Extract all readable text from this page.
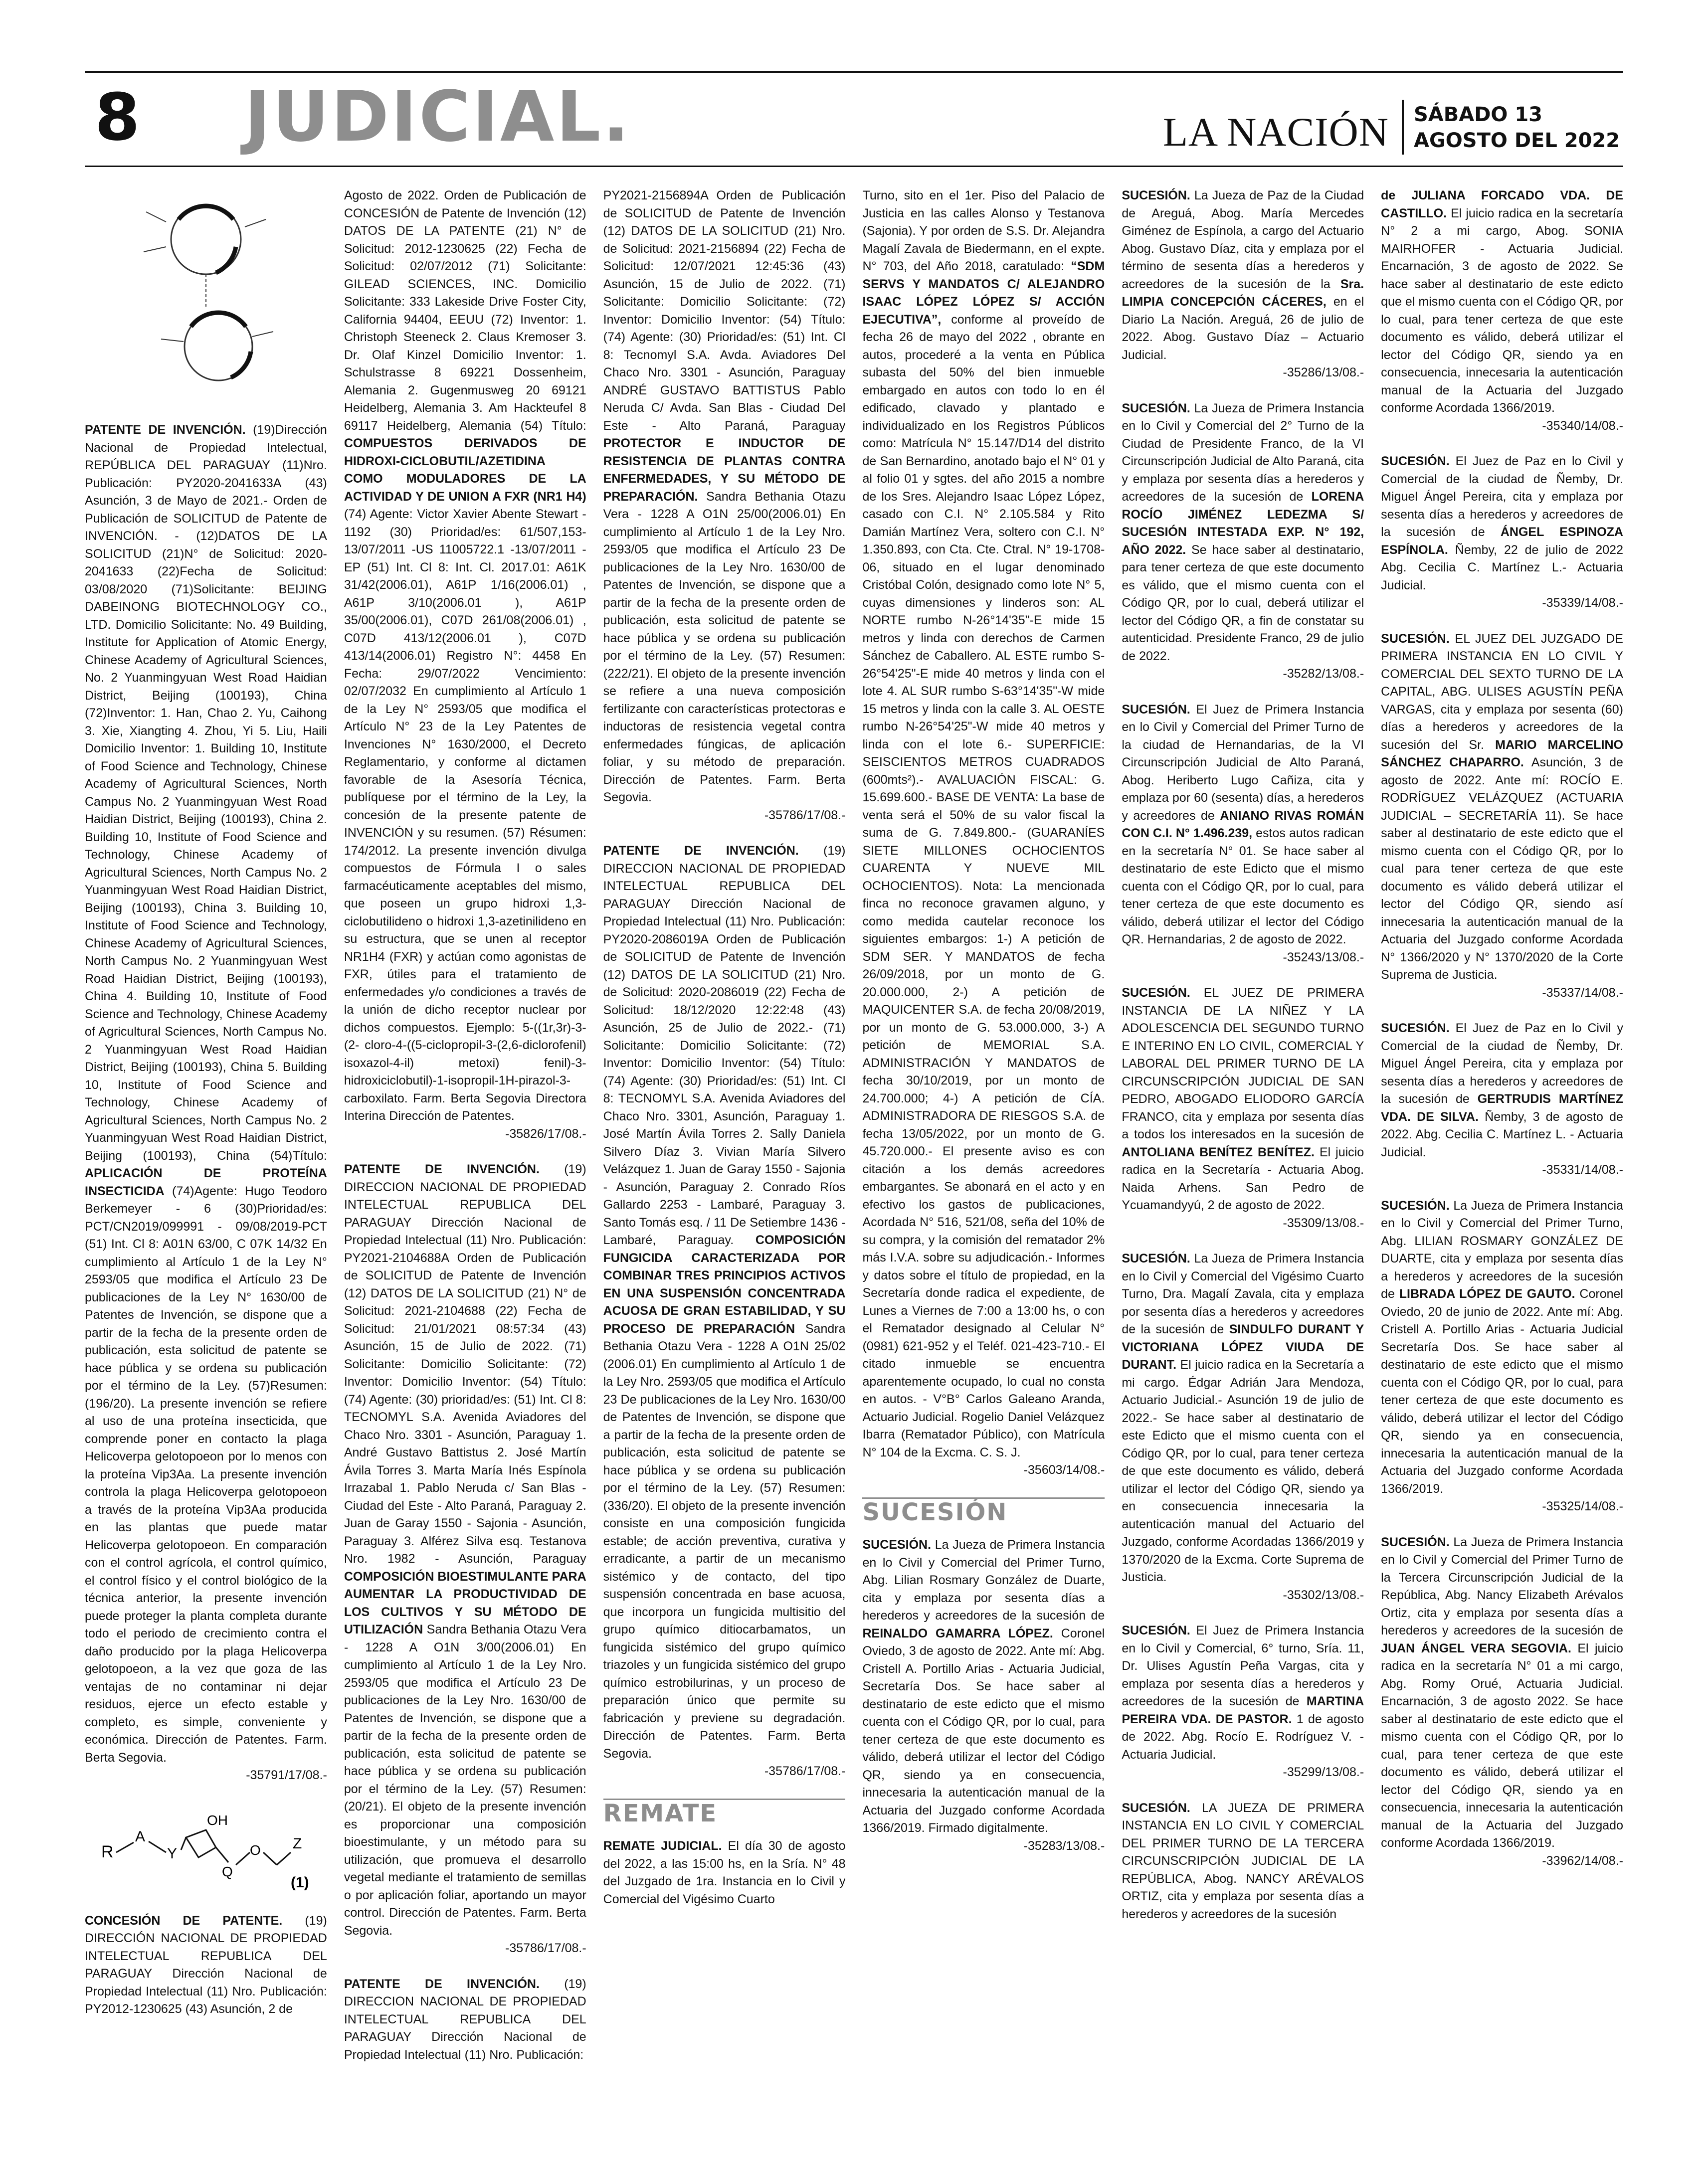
8 JUDICIAL.	LA NACIÓN SÁBADO 13
AGOSTO DEL 2022

PATENTE DE INVENCIÓN. (19)Dirección Nacional de Propiedad Intelectual, REPÚBLICA DEL PARAGUAY (11)Nro. Publicación: PY2020-2041633A (43) Asunción, 3 de Mayo de 2021.- Orden de Publicación de SOLICITUD de Patente de INVENCIÓN. - (12)DATOS DE LA SOLICITUD (21)N° de Solicitud: 2020-2041633 (22)Fecha de Solicitud: 03/08/2020 (71)Solicitante: BEIJING DABEINONG BIOTECHNOLOGY CO., LTD. Domicilio Solicitante: No. 49 Building, Institute for Application of Atomic Energy, Chinese Academy of Agricultural Sciences, No. 2 Yuanmingyuan West Road Haidian District, Beijing (100193), China (72)Inventor: 1. Han, Chao 2. Yu, Caihong 3. Xie, Xiangting 4. Zhou, Yi 5. Liu, Haili Domicilio Inventor: 1. Building 10, Institute of Food Science and Technology, Chinese Academy of Agricultural Sciences, North Campus No. 2 Yuanmingyuan West Road Haidian District, Beijing (100193), China 2. Building 10, Institute of Food Science and Technology, Chinese Academy of Agricultural Sciences, North Campus No. 2 Yuanmingyuan West Road Haidian District, Beijing (100193), China 3. Building 10, Institute of Food Science and Technology, Chinese Academy of Agricultural Sciences, North Campus No. 2 Yuanmingyuan West Road Haidian District, Beijing (100193), China 4. Building 10, Institute of Food Science and Technology, Chinese Academy of Agricultural Sciences, North Campus No. 2 Yuanmingyuan West Road Haidian District, Beijing (100193), China 5. Building 10, Institute of Food Science and Technology, Chinese Academy of Agricultural Sciences, North Campus No. 2 Yuanmingyuan West Road Haidian District, Beijing (100193), China (54)Título: APLICACIÓN DE PROTEÍNA INSECTICIDA (74)Agente: Hugo Teodoro Berkemeyer - 6 (30)Prioridad/es: PCT/CN2019/099991 - 09/08/2019-PCT (51) Int. Cl 8: A01N 63/00, C 07K 14/32 En cumplimiento al Artículo 1 de la Ley N° 2593/05 que modifica el Artículo 23 De publicaciones de la Ley N° 1630/00 de Patentes de Invención, se dispone que a partir de la fecha de la presente orden de publicación, esta solicitud de patente se hace pública y se ordena su publicación por el término de la Ley. (57)Resumen: (196/20). La presente invención se refiere al uso de una proteína insecticida, que comprende poner en contacto la plaga Helicoverpa gelotopoeon por lo menos con la proteína Vip3Aa. La presente invención controla la plaga Helicoverpa gelotopoeon a través de la proteína Vip3Aa producida en las plantas que puede matar Helicoverpa gelotopoeon. En comparación con el control agrícola, el control químico, el control físico y el control biológico de la técnica anterior, la presente invención puede proteger la planta completa durante todo el periodo de crecimiento contra el daño producido por la plaga Helicoverpa gelotopoeon, a la vez que goza de las ventajas de no contaminar ni dejar residuos, ejerce un efecto estable y completo, es simple, conveniente y económica. Dirección de Patentes. Farm. Berta Segovia.
-35791/17/08.-

R
A
Y
OH
Q
O Z
(1)

CONCESIÓN DE PATENTE. (19) DIRECCIÓN NACIONAL DE PROPIEDAD INTELECTUAL REPUBLICA DEL PARAGUAY Dirección Nacional de Propiedad Intelectual (11) Nro. Publicación: PY2012-1230625 (43) Asunción, 2 de

Agosto de 2022. Orden de Publicación de CONCESIÓN de Patente de Invención (12) DATOS DE LA PATENTE (21) N° de Solicitud: 2012-1230625 (22) Fecha de Solicitud: 02/07/2012 (71) Solicitante: GILEAD SCIENCES, INC. Domicilio Solicitante: 333 Lakeside Drive Foster City, California 94404, EEUU (72) Inventor: 1. Christoph Steeneck 2. Claus Kremoser 3. Dr. Olaf Kinzel Domicilio Inventor: 1. Schulstrasse 8 69221 Dossenheim, Alemania 2. Gugenmusweg 20 69121 Heidelberg, Alemania 3. Am Hackteufel 8 69117 Heidelberg, Alemania (54) Título: COMPUESTOS DERIVADOS DE HIDROXI-CICLOBUTIL/AZETIDINA COMO MODULADORES DE LA ACTIVIDAD Y DE UNION A FXR (NR1 H4) (74) Agente: Victor Xavier Abente Stewart - 1192 (30) Prioridad/es: 61/507,153-13/07/2011 -US 11005722.1 -13/07/2011 - EP (51) Int. Cl 8: Int. Cl. 2017.01: A61K 31/42(2006.01), A61P 1/16(2006.01) , A61P 3/10(2006.01 ), A61P 35/00(2006.01), C07D 261/08(2006.01) , C07D 413/12(2006.01 ), C07D 413/14(2006.01) Registro N°: 4458 En Fecha: 29/07/2022 Vencimiento: 02/07/2032 En cumplimiento al Artículo 1 de la Ley N° 2593/05 que modifica el Artículo N° 23 de la Ley Patentes de Invenciones N° 1630/2000, el Decreto Reglamentario, y conforme al dictamen favorable de la Asesoría Técnica, publíquese por el término de la Ley, la concesión de la presente patente de INVENCIÓN y su resumen. (57) Résumen: 174/2012. La presente invención divulga compuestos de Fórmula I o sales farmacéuticamente aceptables del mismo, que poseen un grupo hidroxi 1,3-ciclobutilideno o hidroxi 1,3-azetinilideno en su estructura, que se unen al receptor NR1H4 (FXR) y actúan como agonistas de FXR, útiles para el tratamiento de enfermedades y/o condiciones a través de la unión de dicho receptor nuclear por dichos compuestos. Ejemplo: 5-((1r,3r)-3-(2- cloro-4-((5-ciclopropil-3-(2,6-diclorofenil) isoxazol-4-il) metoxi) fenil)-3- hidroxiciclobutil)-1-isopropil-1H-pirazol-3-carboxilato. Farm. Berta Segovia Directora Interina Dirección de Patentes.
-35826/17/08.-

PATENTE DE INVENCIÓN. (19) DIRECCION NACIONAL DE PROPIEDAD INTELECTUAL REPUBLICA DEL PARAGUAY Dirección Nacional de Propiedad Intelectual (11) Nro. Publicación: PY2021-2104688A Orden de Publicación de SOLICITUD de Patente de Invención (12) DATOS DE LA SOLICITUD (21) N° de Solicitud: 2021-2104688 (22) Fecha de Solicitud: 21/01/2021 08:57:34 (43) Asunción, 15 de Julio de 2022. (71) Solicitante: Domicilio Solicitante: (72) Inventor: Domicilio Inventor: (54) Título: (74) Agente: (30) prioridad/es: (51) Int. Cl 8: TECNOMYL S.A. Avenida Aviadores del Chaco Nro. 3301 - Asunción, Paraguay 1. André Gustavo Battistus 2. José Martín Ávila Torres 3. Marta María Inés Espínola Irrazabal 1. Pablo Neruda c/ San Blas - Ciudad del Este - Alto Paraná, Paraguay 2. Juan de Garay 1550 - Sajonia - Asunción, Paraguay 3. Alférez Silva esq. Testanova Nro. 1982 - Asunción, Paraguay COMPOSICIÓN BIOESTIMULANTE PARA AUMENTAR LA PRODUCTIVIDAD DE LOS CULTIVOS Y SU MÉTODO DE UTILIZACIÓN Sandra Bethania Otazu Vera - 1228 A O1N 3/00(2006.01) En cumplimiento al Artículo 1 de la Ley Nro. 2593/05 que modifica el Artículo 23 De publicaciones de la Ley Nro. 1630/00 de Patentes de Invención, se dispone que a partir de la fecha de la presente orden de publicación, esta solicitud de patente se hace pública y se ordena su publicación por el término de la Ley. (57) Resumen: (20/21). El objeto de la presente invención es proporcionar una composición bioestimulante, y un método para su utilización, que promueva el desarrollo vegetal mediante el tratamiento de semillas o por aplicación foliar, aportando un mayor control. Dirección de Patentes. Farm. Berta Segovia.
-35786/17/08.-

PATENTE DE INVENCIÓN. (19) DIRECCION NACIONAL DE PROPIEDAD INTELECTUAL REPUBLICA DEL PARAGUAY Dirección Nacional de Propiedad Intelectual (11) Nro. Publicación:

PY2021-2156894A Orden de Publicación de SOLICITUD de Patente de Invención (12) DATOS DE LA SOLICITUD (21) Nro. de Solicitud: 2021-2156894 (22) Fecha de Solicitud: 12/07/2021 12:45:36 (43) Asunción, 15 de Julio de 2022. (71) Solicitante: Domicilio Solicitante: (72) Inventor: Domicilio Inventor: (54) Título: (74) Agente: (30) Prioridad/es: (51) Int. Cl 8: Tecnomyl S.A. Avda. Aviadores Del Chaco Nro. 3301 - Asunción, Paraguay ANDRÉ GUSTAVO BATTISTUS Pablo Neruda C/ Avda. San Blas - Ciudad Del Este - Alto Paraná, Paraguay PROTECTOR E INDUCTOR DE RESISTENCIA DE PLANTAS CONTRA ENFERMEDADES, Y SU MÉTODO DE PREPARACIÓN. Sandra Bethania Otazu Vera - 1228 A O1N 25/00(2006.01) En cumplimiento al Artículo 1 de la Ley Nro. 2593/05 que modifica el Artículo 23 De publicaciones de la Ley Nro. 1630/00 de Patentes de Invención, se dispone que a partir de la fecha de la presente orden de publicación, esta solicitud de patente se hace pública y se ordena su publicación por el término de la Ley. (57) Resumen: (222/21). El objeto de la presente invención se refiere a una nueva composición fertilizante con características protectoras e inductoras de resistencia vegetal contra enfermedades fúngicas, de aplicación foliar, y su método de preparación. Dirección de Patentes. Farm. Berta Segovia.
-35786/17/08.-

PATENTE DE INVENCIÓN. (19) DIRECCION NACIONAL DE PROPIEDAD INTELECTUAL REPUBLICA DEL PARAGUAY Dirección Nacional de Propiedad Intelectual (11) Nro. Publicación: PY2020-2086019A Orden de Publicación de SOLICITUD de Patente de Invención (12) DATOS DE LA SOLICITUD (21) Nro. de Solicitud: 2020-2086019 (22) Fecha de Solicitud: 18/12/2020 12:22:48 (43) Asunción, 25 de Julio de 2022.- (71) Solicitante: Domicilio Solicitante: (72) Inventor: Domicilio Inventor: (54) Título: (74) Agente: (30) Prioridad/es: (51) Int. Cl 8: TECNOMYL S.A. Avenida Aviadores del Chaco Nro. 3301, Asunción, Paraguay 1. José Martín Ávila Torres 2. Sally Daniela Silvero Díaz 3. Vivian María Silvero Velázquez 1. Juan de Garay 1550 - Sajonia - Asunción, Paraguay 2. Conrado Ríos Gallardo 2253 - Lambaré, Paraguay 3. Santo Tomás esq. / 11 De Setiembre 1436 - Lambaré, Paraguay. COMPOSICIÓN FUNGICIDA CARACTERIZADA POR COMBINAR TRES PRINCIPIOS ACTIVOS EN UNA SUSPENSIÓN CONCENTRADA ACUOSA DE GRAN ESTABILIDAD, Y SU PROCESO DE PREPARACIÓN Sandra Bethania Otazu Vera - 1228 A O1N 25/02 (2006.01) En cumplimiento al Artículo 1 de la Ley Nro. 2593/05 que modifica el Artículo 23 De publicaciones de la Ley Nro. 1630/00 de Patentes de Invención, se dispone que a partir de la fecha de la presente orden de publicación, esta solicitud de patente se hace pública y se ordena su publicación por el término de la Ley. (57) Resumen: (336/20). El objeto de la presente invención consiste en una composición fungicida estable; de acción preventiva, curativa y erradicante, a partir de un mecanismo sistémico y de contacto, del tipo suspensión concentrada en base acuosa, que incorpora un fungicida multisitio del grupo químico ditiocarbamatos, un fungicida sistémico del grupo químico triazoles y un fungicida sistémico del grupo químico estrobilurinas, y un proceso de preparación único que permite su fabricación y previene su degradación. Dirección de Patentes. Farm. Berta Segovia.
-35786/17/08.-

REMATE

REMATE JUDICIAL. El día 30 de agosto del 2022, a las 15:00 hs, en la Sría. N° 48 del Juzgado de 1ra. Instancia en lo Civil y Comercial del Vigésimo Cuarto

Turno, sito en el 1er. Piso del Palacio de Justicia en las calles Alonso y Testanova (Sajonia). Y por orden de S.S. Dr. Alejandra Magalí Zavala de Biedermann, en el expte. N° 703, del Año 2018, caratulado: “SDM SERVS Y MANDATOS C/ ALEJANDRO ISAAC LÓPEZ LÓPEZ S/ ACCIÓN EJECUTIVA”, conforme al proveído de fecha 26 de mayo del 2022 , obrante en autos, procederé a la venta en Pública subasta del 50% del bien inmueble embargado en autos con todo lo en él edificado, clavado y plantado e individualizado en los Registros Públicos como: Matrícula N° 15.147/D14 del distrito de San Bernardino, anotado bajo el N° 01 y al folio 01 y sgtes. del año 2015 a nombre de los Sres. Alejandro Isaac López López, casado con C.I. N° 2.105.584 y Rito Damián Martínez Vera, soltero con C.I. N° 1.350.893, con Cta. Cte. Ctral. N° 19-1708-06, situado en el lugar denominado Cristóbal Colón, designado como lote N° 5, cuyas dimensiones y linderos son: AL NORTE rumbo N-26°14'35"-E mide 15 metros y linda con derechos de Carmen Sánchez de Caballero. AL ESTE rumbo S-26°54'25"-E mide 40 metros y linda con el lote 4. AL SUR rumbo S-63°14'35"-W mide 15 metros y linda con la calle 3. AL OESTE rumbo N-26°54'25"-W mide 40 metros y linda con el lote 6.- SUPERFICIE: SEISCIENTOS METROS CUADRADOS (600mts²).- AVALUACIÓN FISCAL: G. 15.699.600.- BASE DE VENTA: La base de venta será el 50% de su valor fiscal la suma de G. 7.849.800.- (GUARANÍES SIETE MILLONES OCHOCIENTOS CUARENTA Y NUEVE MIL OCHOCIENTOS). Nota: La mencionada finca no reconoce gravamen alguno, y como medida cautelar reconoce los siguientes embargos: 1-) A petición de SDM SER. Y MANDATOS de fecha 26/09/2018, por un monto de G. 20.000.000, 2-) A petición de MAQUICENTER S.A. de fecha 20/08/2019, por un monto de G. 53.000.000, 3-) A petición de MEMORIAL S.A. ADMINISTRACIÓN Y MANDATOS de fecha 30/10/2019, por un monto de 24.700.000; 4-) A petición de CÍA. ADMINISTRADORA DE RIESGOS S.A. de fecha 13/05/2022, por un monto de G. 45.720.000.- El presente aviso es con citación a los demás acreedores embargantes. Se abonará en el acto y en efectivo los gastos de publicaciones, Acordada N° 516, 521/08, seña del 10% de su compra, y la comisión del rematador 2% más I.V.A. sobre su adjudicación.- Informes y datos sobre el título de propiedad, en la Secretaría donde radica el expediente, de Lunes a Viernes de 7:00 a 13:00 hs, o con el Rematador designado al Celular N° (0981) 621-952 y el Teléf. 021-423-710.- El citado inmueble se encuentra aparentemente ocupado, lo cual no consta en autos. - V°B° Carlos Galeano Aranda, Actuario Judicial. Rogelio Daniel Velázquez Ibarra (Rematador Público), con Matrícula N° 104 de la Excma. C. S. J.
-35603/14/08.-

SUCESIÓN

SUCESIÓN. La Jueza de Primera Instancia en lo Civil y Comercial del Primer Turno, Abg. Lilian Rosmary González de Duarte, cita y emplaza por sesenta días a herederos y acreedores de la sucesión de REINALDO GAMARRA LÓPEZ. Coronel Oviedo, 3 de agosto de 2022. Ante mí: Abg. Cristell A. Portillo Arias - Actuaria Judicial, Secretaría Dos. Se hace saber al destinatario de este edicto que el mismo cuenta con el Código QR, por lo cual, para tener certeza de que este documento es válido, deberá utilizar el lector del Código QR, siendo ya en consecuencia, innecesaria la autenticación manual de la Actuaria del Juzgado conforme Acordada 1366/2019. Firmado digitalmente.
-35283/13/08.-

SUCESIÓN. La Jueza de Paz de la Ciudad de Areguá, Abog. María Mercedes Giménez de Espínola, a cargo del Actuario Abog. Gustavo Díaz, cita y emplaza por el término de sesenta días a herederos y acreedores de la sucesión de la Sra. LIMPIA CONCEPCIÓN CÁCERES, en el Diario La Nación. Areguá, 26 de julio de 2022. Abog. Gustavo Díaz – Actuario Judicial.
-35286/13/08.-

SUCESIÓN. La Jueza de Primera Instancia en lo Civil y Comercial del 2° Turno de la Ciudad de Presidente Franco, de la VI Circunscripción Judicial de Alto Paraná, cita y emplaza por sesenta días a herederos y acreedores de la sucesión de LORENA ROCÍO JIMÉNEZ LEDEZMA S/ SUCESIÓN INTESTADA EXP. N° 192, AÑO 2022. Se hace saber al destinatario, para tener certeza de que este documento es válido, que el mismo cuenta con el Código QR, por lo cual, deberá utilizar el lector del Código QR, a fin de constatar su autenticidad. Presidente Franco, 29 de julio de 2022.
-35282/13/08.-

SUCESIÓN. El Juez de Primera Instancia en lo Civil y Comercial del Primer Turno de la ciudad de Hernandarias, de la VI Circunscripción Judicial de Alto Paraná, Abog. Heriberto Lugo Cañiza, cita y emplaza por 60 (sesenta) días, a herederos y acreedores de ANIANO RIVAS ROMÁN CON C.I. N° 1.496.239, estos autos radican en la secretaría N° 01. Se hace saber al destinatario de este Edicto que el mismo cuenta con el Código QR, por lo cual, para tener certeza de que este documento es válido, deberá utilizar el lector del Código QR. Hernandarias, 2 de agosto de 2022.
-35243/13/08.-

SUCESIÓN. EL JUEZ DE PRIMERA INSTANCIA DE LA NIÑEZ Y LA ADOLESCENCIA DEL SEGUNDO TURNO E INTERINO EN LO CIVIL, COMERCIAL Y LABORAL DEL PRIMER TURNO DE LA CIRCUNSCRIPCIÓN JUDICIAL DE SAN PEDRO, ABOGADO ELIODORO GARCÍA FRANCO, cita y emplaza por sesenta días a todos los interesados en la sucesión de ANTOLIANA BENÍTEZ BENÍTEZ. El juicio radica en la Secretaría - Actuaria Abog. Naida Arhens. San Pedro de Ycuamandyyú, 2 de agosto de 2022.
-35309/13/08.-

SUCESIÓN. La Jueza de Primera Instancia en lo Civil y Comercial del Vigésimo Cuarto Turno, Dra. Magalí Zavala, cita y emplaza por sesenta días a herederos y acreedores de la sucesión de SINDULFO DURANT Y VICTORIANA LÓPEZ VIUDA DE DURANT. El juicio radica en la Secretaría a mi cargo. Édgar Adrián Jara Mendoza, Actuario Judicial.- Asunción 19 de julio de 2022.- Se hace saber al destinatario de este Edicto que el mismo cuenta con el Código QR, por lo cual, para tener certeza de que este documento es válido, deberá utilizar el lector del Código QR, siendo ya en consecuencia innecesaria la autenticación manual del Actuario del Juzgado, conforme Acordadas 1366/2019 y 1370/2020 de la Excma. Corte Suprema de Justicia.
-35302/13/08.-

SUCESIÓN. El Juez de Primera Instancia en lo Civil y Comercial, 6° turno, Sría. 11, Dr. Ulises Agustín Peña Vargas, cita y emplaza por sesenta días a herederos y acreedores de la sucesión de MARTINA PEREIRA VDA. DE PASTOR. 1 de agosto de 2022. Abg. Rocío E. Rodríguez V. - Actuaria Judicial.
-35299/13/08.-

SUCESIÓN. LA JUEZA DE PRIMERA INSTANCIA EN LO CIVIL Y COMERCIAL DEL PRIMER TURNO DE LA TERCERA CIRCUNSCRIPCIÓN JUDICIAL DE LA REPÚBLICA, Abog. NANCY ARÉVALOS ORTIZ, cita y emplaza por sesenta días a herederos y acreedores de la sucesión

de JULIANA FORCADO VDA. DE CASTILLO. El juicio radica en la secretaría N° 2 a mi cargo, Abog. SONIA MAIRHOFER - Actuaria Judicial. Encarnación, 3 de agosto de 2022. Se hace saber al destinatario de este edicto que el mismo cuenta con el Código QR, por lo cual, para tener certeza de que este documento es válido, deberá utilizar el lector del Código QR, siendo ya en consecuencia, innecesaria la autenticación manual de la Actuaria del Juzgado conforme Acordada 1366/2019.
-35340/14/08.-

SUCESIÓN. El Juez de Paz en lo Civil y Comercial de la ciudad de Ñemby, Dr. Miguel Ángel Pereira, cita y emplaza por sesenta días a herederos y acreedores de la sucesión de ÁNGEL ESPINOZA ESPÍNOLA. Ñemby, 22 de julio de 2022 Abg. Cecilia C. Martínez L.- Actuaria Judicial.
-35339/14/08.-

SUCESIÓN. EL JUEZ DEL JUZGADO DE PRIMERA INSTANCIA EN LO CIVIL Y COMERCIAL DEL SEXTO TURNO DE LA CAPITAL, ABG. ULISES AGUSTÍN PEÑA VARGAS, cita y emplaza por sesenta (60) días a herederos y acreedores de la sucesión del Sr. MARIO MARCELINO SÁNCHEZ CHAPARRO. Asunción, 3 de agosto de 2022. Ante mí: ROCÍO E. RODRÍGUEZ VELÁZQUEZ (ACTUARIA JUDICIAL – SECRETARÍA 11). Se hace saber al destinatario de este edicto que el mismo cuenta con el Código QR, por lo cual para tener certeza de que este documento es válido deberá utilizar el lector del Código QR, siendo así innecesaria la autenticación manual de la Actuaria del Juzgado conforme Acordada N° 1366/2020 y N° 1370/2020 de la Corte Suprema de Justicia.
-35337/14/08.-

SUCESIÓN. El Juez de Paz en lo Civil y Comercial de la ciudad de Ñemby, Dr. Miguel Ángel Pereira, cita y emplaza por sesenta días a herederos y acreedores de la sucesión de GERTRUDIS MARTÍNEZ VDA. DE SILVA. Ñemby, 3 de agosto de 2022. Abg. Cecilia C. Martínez L. - Actuaria Judicial.
-35331/14/08.-

SUCESIÓN. La Jueza de Primera Instancia en lo Civil y Comercial del Primer Turno, Abg. LILIAN ROSMARY GONZÁLEZ DE DUARTE, cita y emplaza por sesenta días a herederos y acreedores de la sucesión de LIBRADA LÓPEZ DE GAUTO. Coronel Oviedo, 20 de junio de 2022. Ante mí: Abg. Cristell A. Portillo Arias - Actuaria Judicial Secretaría Dos. Se hace saber al destinatario de este edicto que el mismo cuenta con el Código QR, por lo cual, para tener certeza de que este documento es válido, deberá utilizar el lector del Código QR, siendo ya en consecuencia, innecesaria la autenticación manual de la Actuaria del Juzgado conforme Acordada 1366/2019.
-35325/14/08.-

SUCESIÓN. La Jueza de Primera Instancia en lo Civil y Comercial del Primer Turno de la Tercera Circunscripción Judicial de la República, Abg. Nancy Elizabeth Arévalos Ortiz, cita y emplaza por sesenta días a herederos y acreedores de la sucesión de JUAN ÁNGEL VERA SEGOVIA. El juicio radica en la secretaría N° 01 a mi cargo, Abg. Romy Orué, Actuaria Judicial. Encarnación, 3 de agosto 2022. Se hace saber al destinatario de este edicto que el mismo cuenta con el Código QR, por lo cual, para tener certeza de que este documento es válido, deberá utilizar el lector del Código QR, siendo ya en consecuencia, innecesaria la autenticación manual de la Actuaria del Juzgado conforme Acordada 1366/2019.
-33962/14/08.-
